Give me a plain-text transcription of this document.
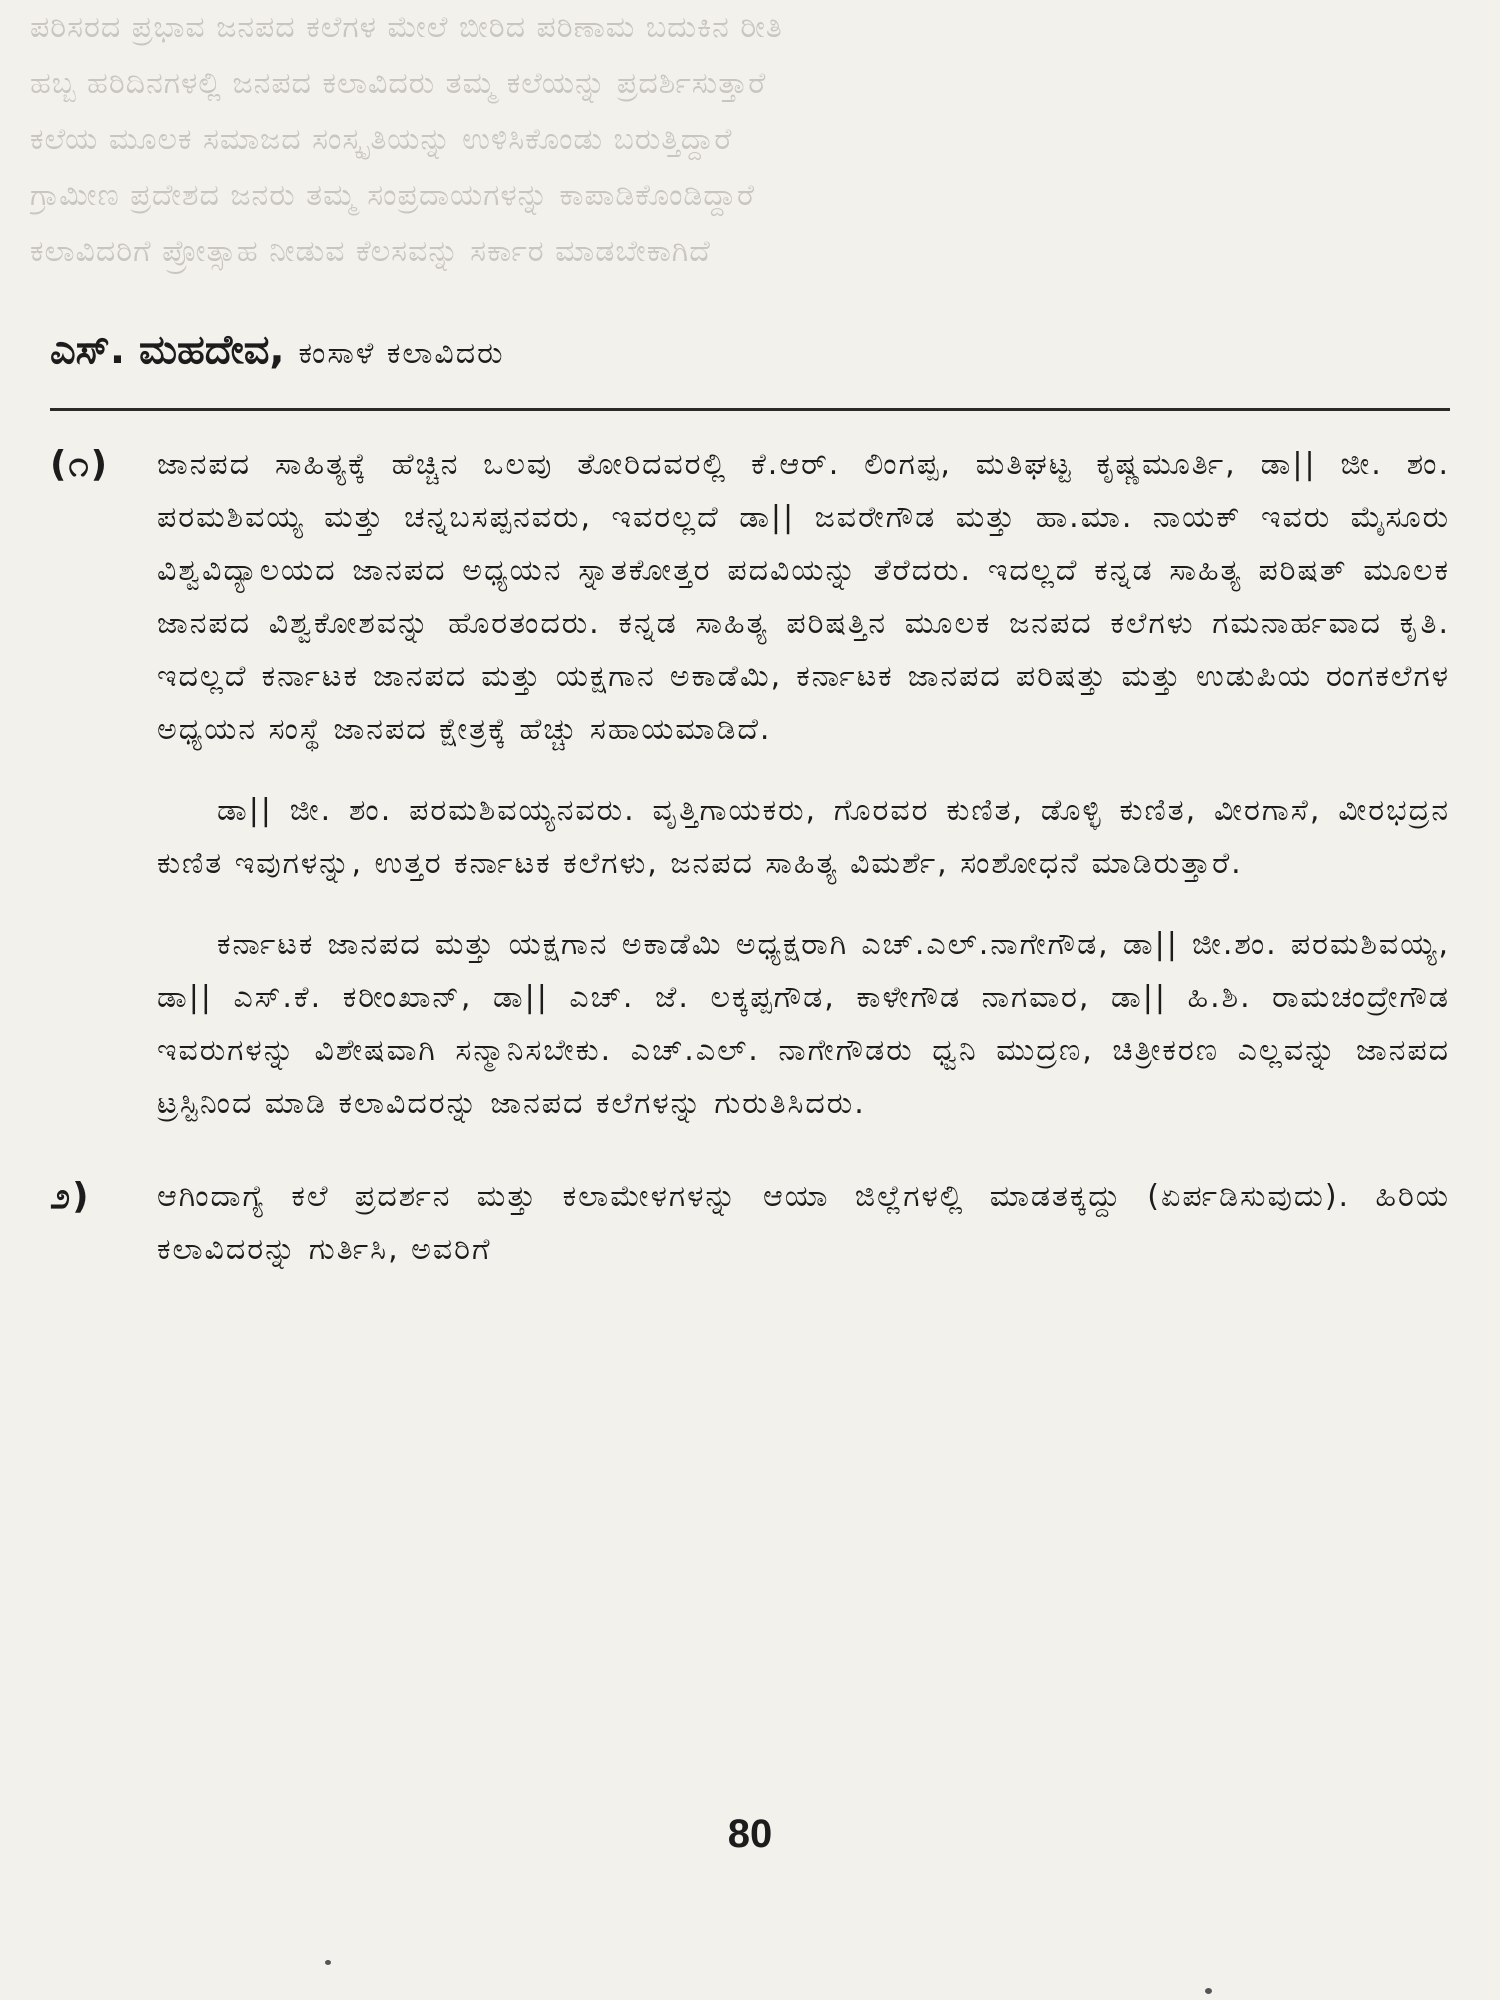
ಪರಿಸರದ ಪ್ರಭಾವ ಜನಪದ ಕಲೆಗಳ ಮೇಲೆ ಬೀರಿದ ಪರಿಣಾಮ ಬದುಕಿನ ರೀತಿ
ಹಬ್ಬ ಹರಿದಿನಗಳಲ್ಲಿ ಜನಪದ ಕಲಾವಿದರು ತಮ್ಮ ಕಲೆಯನ್ನು ಪ್ರದರ್ಶಿಸುತ್ತಾರೆ
ಕಲೆಯ ಮೂಲಕ ಸಮಾಜದ ಸಂಸ್ಕೃತಿಯನ್ನು ಉಳಿಸಿಕೊಂಡು ಬರುತ್ತಿದ್ದಾರೆ
ಗ್ರಾಮೀಣ ಪ್ರದೇಶದ ಜನರು ತಮ್ಮ ಸಂಪ್ರದಾಯಗಳನ್ನು ಕಾಪಾಡಿಕೊಂಡಿದ್ದಾರೆ
ಕಲಾವಿದರಿಗೆ ಪ್ರೋತ್ಸಾಹ ನೀಡುವ ಕೆಲಸವನ್ನು ಸರ್ಕಾರ ಮಾಡಬೇಕಾಗಿದೆ
ಎಸ್. ಮಹದೇವ, ಕಂಸಾಳೆ ಕಲಾವಿದರು
(೧)	ಜಾನಪದ ಸಾಹಿತ್ಯಕ್ಕೆ ಹೆಚ್ಚಿನ ಒಲವು ತೋರಿದವರಲ್ಲಿ ಕೆ.ಆರ್. ಲಿಂಗಪ್ಪ, ಮತಿಘಟ್ಟ ಕೃಷ್ಣಮೂರ್ತಿ, ಡಾ|| ಜೀ. ಶಂ. ಪರಮಶಿವಯ್ಯ ಮತ್ತು ಚನ್ನಬಸಪ್ಪನವರು, ಇವರಲ್ಲದೆ ಡಾ|| ಜವರೇಗೌಡ ಮತ್ತು ಹಾ.ಮಾ. ನಾಯಕ್ ಇವರು ಮೈಸೂರು ವಿಶ್ವವಿದ್ಯಾಲಯದ ಜಾನಪದ ಅಧ್ಯಯನ ಸ್ನಾತಕೋತ್ತರ ಪದವಿಯನ್ನು ತೆರೆದರು. ಇದಲ್ಲದೆ ಕನ್ನಡ ಸಾಹಿತ್ಯ ಪರಿಷತ್ ಮೂಲಕ ಜಾನಪದ ವಿಶ್ವಕೋಶವನ್ನು ಹೊರತಂದರು. ಕನ್ನಡ ಸಾಹಿತ್ಯ ಪರಿಷತ್ತಿನ ಮೂಲಕ ಜನಪದ ಕಲೆಗಳು ಗಮನಾರ್ಹವಾದ ಕೃತಿ. ಇದಲ್ಲದೆ ಕರ್ನಾಟಕ ಜಾನಪದ ಮತ್ತು ಯಕ್ಷಗಾನ ಅಕಾಡೆಮಿ, ಕರ್ನಾಟಕ ಜಾನಪದ ಪರಿಷತ್ತು ಮತ್ತು ಉಡುಪಿಯ ರಂಗಕಲೆಗಳ ಅಧ್ಯಯನ ಸಂಸ್ಥೆ ಜಾನಪದ ಕ್ಷೇತ್ರಕ್ಕೆ ಹೆಚ್ಚು ಸಹಾಯಮಾಡಿದೆ.
ಡಾ|| ಜೀ. ಶಂ. ಪರಮಶಿವಯ್ಯನವರು. ವೃತ್ತಿಗಾಯಕರು, ಗೊರವರ ಕುಣಿತ, ಡೊಳ್ಳಿ ಕುಣಿತ, ವೀರಗಾಸೆ, ವೀರಭದ್ರನ ಕುಣಿತ ಇವುಗಳನ್ನು, ಉತ್ತರ ಕರ್ನಾಟಕ ಕಲೆಗಳು, ಜನಪದ ಸಾಹಿತ್ಯ ವಿಮರ್ಶೆ, ಸಂಶೋಧನೆ ಮಾಡಿರುತ್ತಾರೆ.
ಕರ್ನಾಟಕ ಜಾನಪದ ಮತ್ತು ಯಕ್ಷಗಾನ ಅಕಾಡೆಮಿ ಅಧ್ಯಕ್ಷರಾಗಿ ಎಚ್.ಎಲ್.ನಾಗೇಗೌಡ, ಡಾ|| ಜೀ.ಶಂ. ಪರಮಶಿವಯ್ಯ, ಡಾ|| ಎಸ್.ಕೆ. ಕರೀಂಖಾನ್, ಡಾ|| ಎಚ್. ಜೆ. ಲಕ್ಕಪ್ಪಗೌಡ, ಕಾಳೇಗೌಡ ನಾಗವಾರ, ಡಾ|| ಹಿ.ಶಿ. ರಾಮಚಂದ್ರೇಗೌಡ ಇವರುಗಳನ್ನು ವಿಶೇಷವಾಗಿ ಸನ್ಮಾನಿಸಬೇಕು. ಎಚ್.ಎಲ್. ನಾಗೇಗೌಡರು ಧ್ವನಿ ಮುದ್ರಣ, ಚಿತ್ರೀಕರಣ ಎಲ್ಲವನ್ನು ಜಾನಪದ ಟ್ರಸ್ಟಿನಿಂದ ಮಾಡಿ ಕಲಾವಿದರನ್ನು ಜಾನಪದ ಕಲೆಗಳನ್ನು ಗುರುತಿಸಿದರು.
೨)	ಆಗಿಂದಾಗ್ಯೆ ಕಲೆ ಪ್ರದರ್ಶನ ಮತ್ತು ಕಲಾಮೇಳಗಳನ್ನು ಆಯಾ ಜಿಲ್ಲೆಗಳಲ್ಲಿ ಮಾಡತಕ್ಕದ್ದು (ಏರ್ಪಡಿಸುವುದು). ಹಿರಿಯ ಕಲಾವಿದರನ್ನು ಗುರ್ತಿಸಿ, ಅವರಿಗೆ
80
